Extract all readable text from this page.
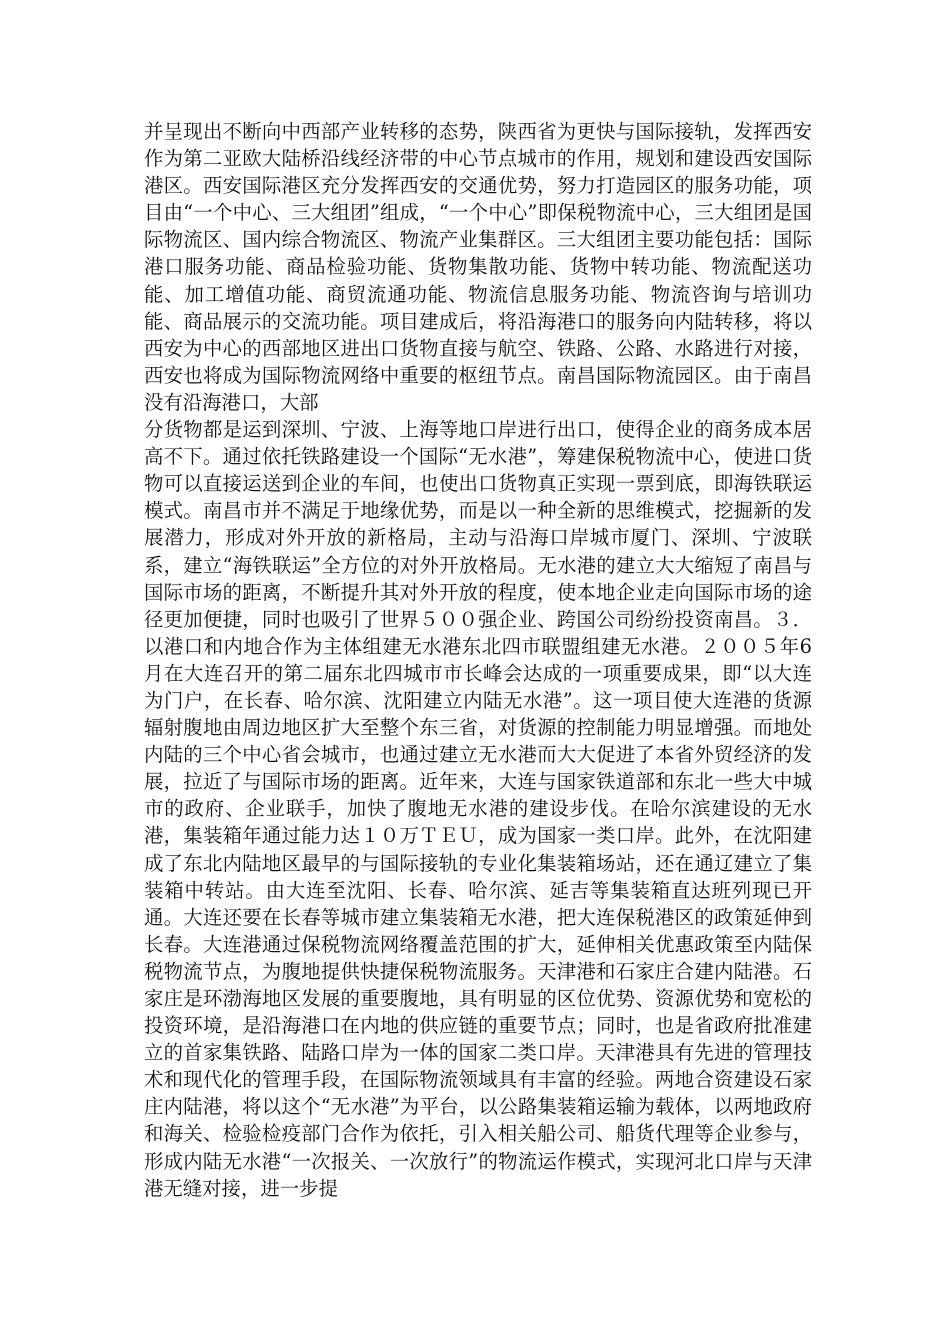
并呈现出不断向中西部产业转移的态势，陕西省为更快与国际接轨，发挥西安作为第二亚欧大陆桥沿线经济带的中心节点城市的作用，规划和建设西安国际港区。西安国际港区充分发挥西安的交通优势，努力打造园区的服务功能，项目由“一个中心、三大组团”组成，“一个中心”即保税物流中心，三大组团是国际物流区、国内综合物流区、物流产业集群区。三大组团主要功能包括：国际港口服务功能、商品检验功能、货物集散功能、货物中转功能、物流配送功能、加工增值功能、商贸流通功能、物流信息服务功能、物流咨询与培训功能、商品展示的交流功能。项目建成后，将沿海港口的服务向内陆转移，将以西安为中心的西部地区进出口货物直接与航空、铁路、公路、水路进行对接，西安也将成为国际物流网络中重要的枢纽节点。南昌国际物流园区。由于南昌没有沿海港口，大部

分货物都是运到深圳、宁波、上海等地口岸进行出口，使得企业的商务成本居高不下。通过依托铁路建设一个国际“无水港”，筹建保税物流中心，使进口货物可以直接运送到企业的车间，也使出口货物真正实现一票到底，即海铁联运模式。南昌市并不满足于地缘优势，而是以一种全新的思维模式，挖掘新的发展潜力，形成对外开放的新格局，主动与沿海口岸城市厦门、深圳、宁波联系，建立“海铁联运”全方位的对外开放格局。无水港的建立大大缩短了南昌与国际市场的距离，不断提升其对外开放的程度，使本地企业走向国际市场的途径更加便捷，同时也吸引了世界５００强企业、跨国公司纷纷投资南昌。３．以港口和内地合作为主体组建无水港东北四市联盟组建无水港。２００５年6月在大连召开的第二届东北四城市市长峰会达成的一项重要成果，即“以大连为门户，在长春、哈尔滨、沈阳建立内陆无水港”。这一项目使大连港的货源辐射腹地由周边地区扩大至整个东三省，对货源的控制能力明显增强。而地处内陆的三个中心省会城市，也通过建立无水港而大大促进了本省外贸经济的发展，拉近了与国际市场的距离。近年来，大连与国家铁道部和东北一些大中城市的政府、企业联手，加快了腹地无水港的建设步伐。在哈尔滨建设的无水港，集装箱年通过能力达１０万ＴＥＵ，成为国家一类口岸。此外，在沈阳建成了东北内陆地区最早的与国际接轨的专业化集装箱场站，还在通辽建立了集装箱中转站。由大连至沈阳、长春、哈尔滨、延吉等集装箱直达班列现已开通。大连还要在长春等城市建立集装箱无水港，把大连保税港区的政策延伸到长春。大连港通过保税物流网络覆盖范围的扩大，延伸相关优惠政策至内陆保税物流节点，为腹地提供快捷保税物流服务。天津港和石家庄合建内陆港。石家庄是环渤海地区发展的重要腹地，具有明显的区位优势、资源优势和宽松的投资环境，是沿海港口在内地的供应链的重要节点；同时，也是省政府批准建立的首家集铁路、陆路口岸为一体的国家二类口岸。天津港具有先进的管理技术和现代化的管理手段，在国际物流领域具有丰富的经验。两地合资建设石家庄内陆港，将以这个“无水港”为平台，以公路集装箱运输为载体，以两地政府和海关、检验检疫部门合作为依托，引入相关船公司、船货代理等企业参与，形成内陆无水港“一次报关、一次放行”的物流运作模式，实现河北口岸与天津港无缝对接，进一步提
